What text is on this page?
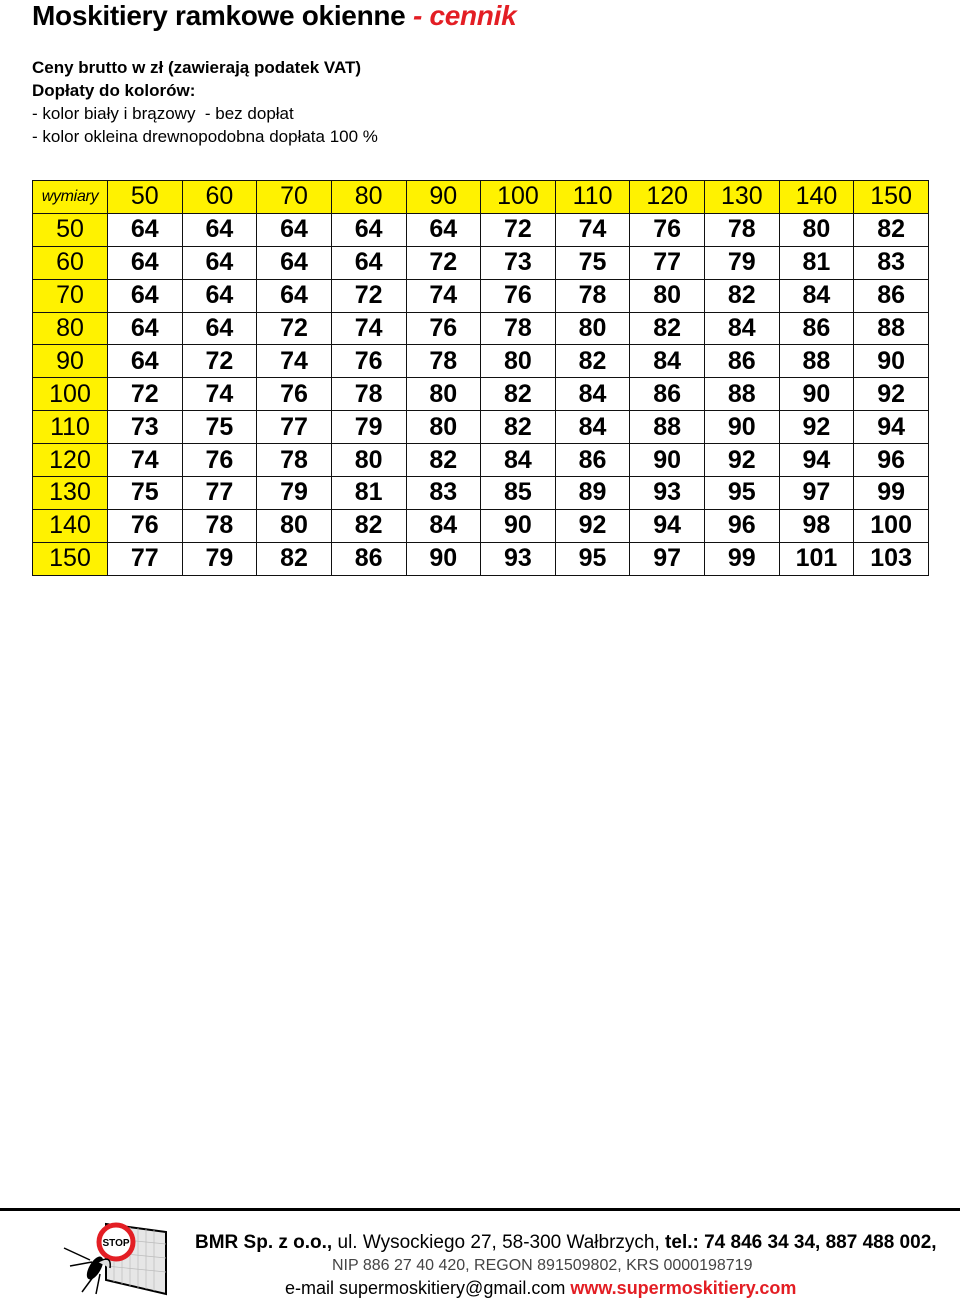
Moskitiery ramkowe okienne - cennik
Ceny brutto w zł (zawierają podatek VAT)
Dopłaty do kolorów:
- kolor biały i brązowy  - bez dopłat
- kolor okleina drewnopodobna dopłata 100 %
wymiary	50	60	70	80	90	100	110	120	130	140	150
50	64	64	64	64	64	72	74	76	78	80	82
60	64	64	64	64	72	73	75	77	79	81	83
70	64	64	64	72	74	76	78	80	82	84	86
80	64	64	72	74	76	78	80	82	84	86	88
90	64	72	74	76	78	80	82	84	86	88	90
100	72	74	76	78	80	82	84	86	88	90	92
110	73	75	77	79	80	82	84	88	90	92	94
120	74	76	78	80	82	84	86	90	92	94	96
130	75	77	79	81	83	85	89	93	95	97	99
140	76	78	80	82	84	90	92	94	96	98	100
150	77	79	82	86	90	93	95	97	99	101	103
STOP	BMR Sp. z o.o., ul. Wysockiego 27, 58-300 Wałbrzych, tel.: 74 846 34 34, 887 488 002,
NIP 886 27 40 420, REGON 891509802, KRS 0000198719
e-mail supermoskitiery@gmail.com www.supermoskitiery.com
